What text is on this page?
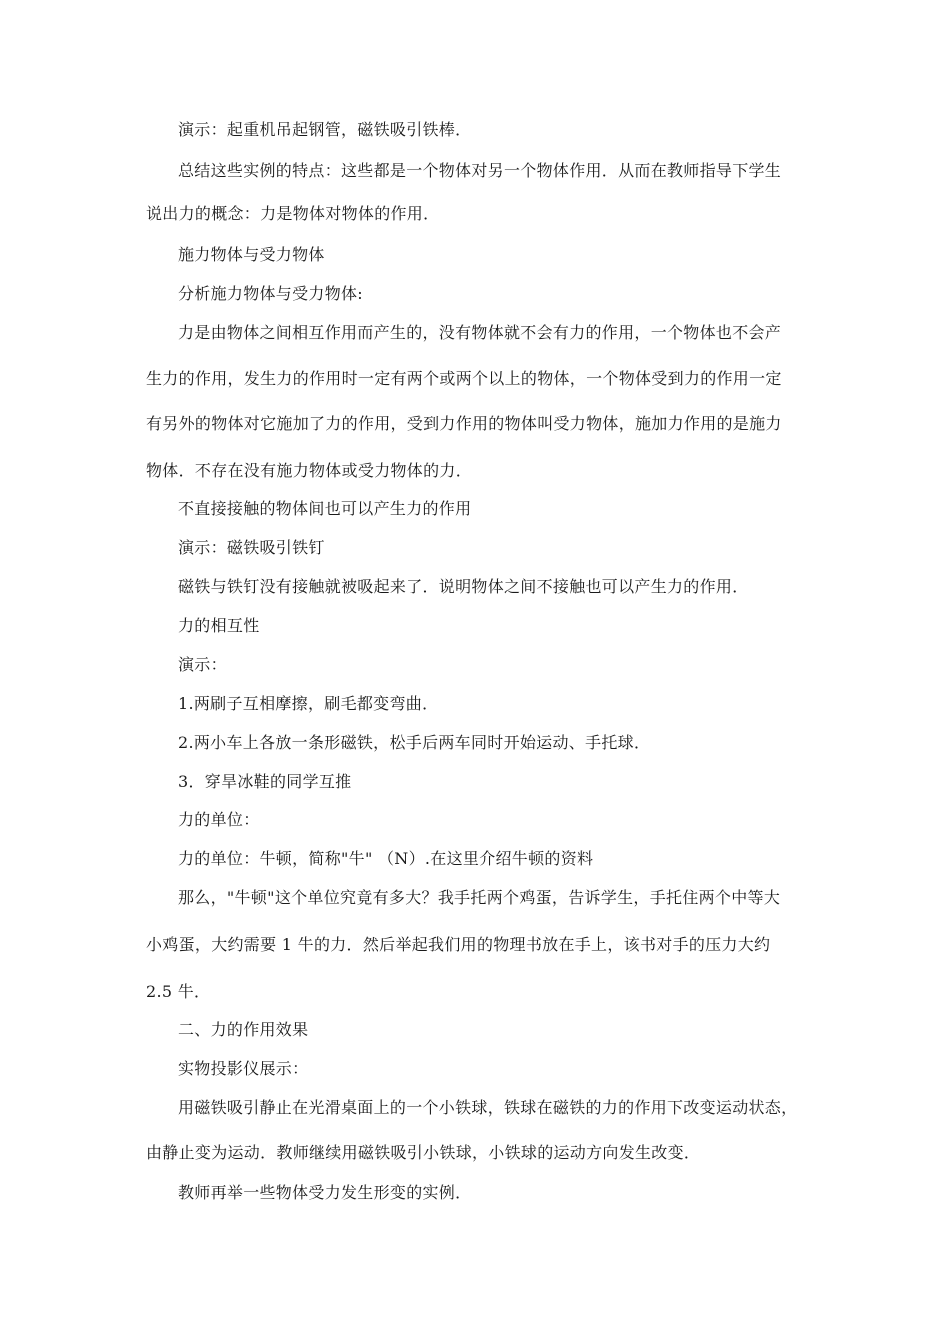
演示：起重机吊起钢管，磁铁吸引铁棒．
总结这些实例的特点：这些都是一个物体对另一个物体作用．从而在教师指导下学生
说出力的概念：力是物体对物体的作用．
施力物体与受力物体
分析施力物体与受力物体:
力是由物体之间相互作用而产生的，没有物体就不会有力的作用，一个物体也不会产
生力的作用，发生力的作用时一定有两个或两个以上的物体，一个物体受到力的作用一定
有另外的物体对它施加了力的作用，受到力作用的物体叫受力物体，施加力作用的是施力
物体．不存在没有施力物体或受力物体的力．
不直接接触的物体间也可以产生力的作用
演示：磁铁吸引铁钉
磁铁与铁钉没有接触就被吸起来了．说明物体之间不接触也可以产生力的作用．
力的相互性
演示：
1.两刷子互相摩擦，刷毛都变弯曲．
2.两小车上各放一条形磁铁，松手后两车同时开始运动、手托球．
3．穿旱冰鞋的同学互推
力的单位：
力的单位：牛顿，简称"牛" （N）.在这里介绍牛顿的资料
那么，"牛顿"这个单位究竟有多大？我手托两个鸡蛋，告诉学生，手托住两个中等大
小鸡蛋，大约需要 1 牛的力．然后举起我们用的物理书放在手上，该书对手的压力大约
2.5 牛．
二、力的作用效果
实物投影仪展示：
用磁铁吸引静止在光滑桌面上的一个小铁球，铁球在磁铁的力的作用下改变运动状态，
由静止变为运动．教师继续用磁铁吸引小铁球，小铁球的运动方向发生改变．
教师再举一些物体受力发生形变的实例．
